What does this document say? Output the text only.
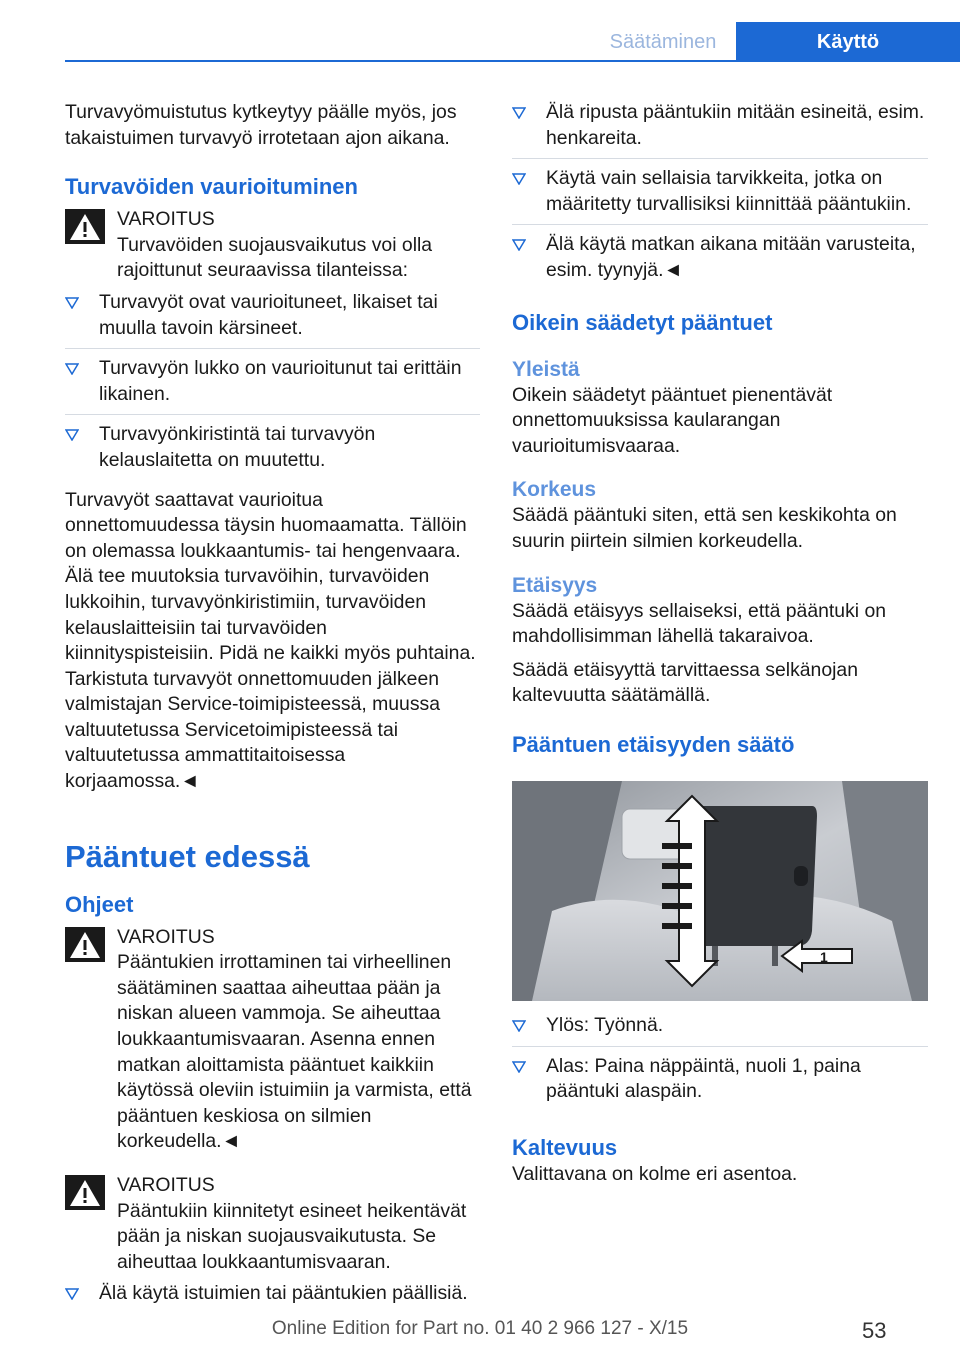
Säätäminen	Käyttö

Turvavyömuistutus kytkeytyy päälle myös, jos takaistuimen turvavyö irrotetaan ajon aikana.

Turvavöiden vaurioituminen

VAROITUS

Turvavöiden suojausvaikutus voi olla rajoittunut seuraavissa tilanteissa:

Turvavyöt ovat vaurioituneet, likaiset tai muulla tavoin kärsineet.
Turvavyön lukko on vaurioitunut tai erittäin likainen.
Turvavyönkiristintä tai turvavyön kelauslaitetta on muutettu.

Turvavyöt saattavat vaurioitua onnettomuudessa täysin huomaamatta. Tällöin on olemassa loukkaantumis- tai hengenvaara. Älä tee muutoksia turvavöihin, turvavöiden lukkoihin, turvavyönkiristimiin, turvavöiden kelauslaitteisiin tai turvavöiden kiinnityspisteisiin. Pidä ne kaikki myös puhtaina. Tarkistuta turvavyöt onnettomuuden jälkeen valmistajan Service-toimipisteessä, muussa valtuutetussa Servicetoimipisteessä tai valtuutetussa ammattitaitoisessa korjaamossa.◄

Pääntuet edessä
Ohjeet

VAROITUS

Pääntukien irrottaminen tai virheellinen säätäminen saattaa aiheuttaa pään ja niskan alueen vammoja. Se aiheuttaa loukkaantumisvaaran. Asenna ennen matkan aloittamista pääntuet kaikkiin käytössä oleviin istuimiin ja varmista, että pääntuen keskiosa on silmien korkeudella.◄

VAROITUS

Pääntukiin kiinnitetyt esineet heikentävät pään ja niskan suojausvaikutusta. Se aiheuttaa loukkaantumisvaaran.

Älä käytä istuimien tai pääntukien päällisiä.
Älä ripusta pääntukiin mitään esineitä, esim. henkareita.
Käytä vain sellaisia tarvikkeita, jotka on määritetty turvallisiksi kiinnittää pääntukiin.
Älä käytä matkan aikana mitään varusteita, esim. tyynyjä.◄
Oikein säädetyt pääntuet
Yleistä

Oikein säädetyt pääntuet pienentävät onnettomuuksissa kaularangan vaurioitumisvaaraa.

Korkeus

Säädä pääntuki siten, että sen keskikohta on suurin piirtein silmien korkeudella.

Etäisyys

Säädä etäisyys sellaiseksi, että pääntuki on mahdollisimman lähellä takaraivoa.

Säädä etäisyyttä tarvittaessa selkänojan kaltevuutta säätämällä.

Pääntuen etäisyyden säätö
1
Ylös: Työnnä.
Alas: Paina näppäintä, nuoli 1, paina pääntuki alaspäin.
Kaltevuus

Valittavana on kolme eri asentoa.

Online Edition for Part no. 01 40 2 966 127 - X/15	53
